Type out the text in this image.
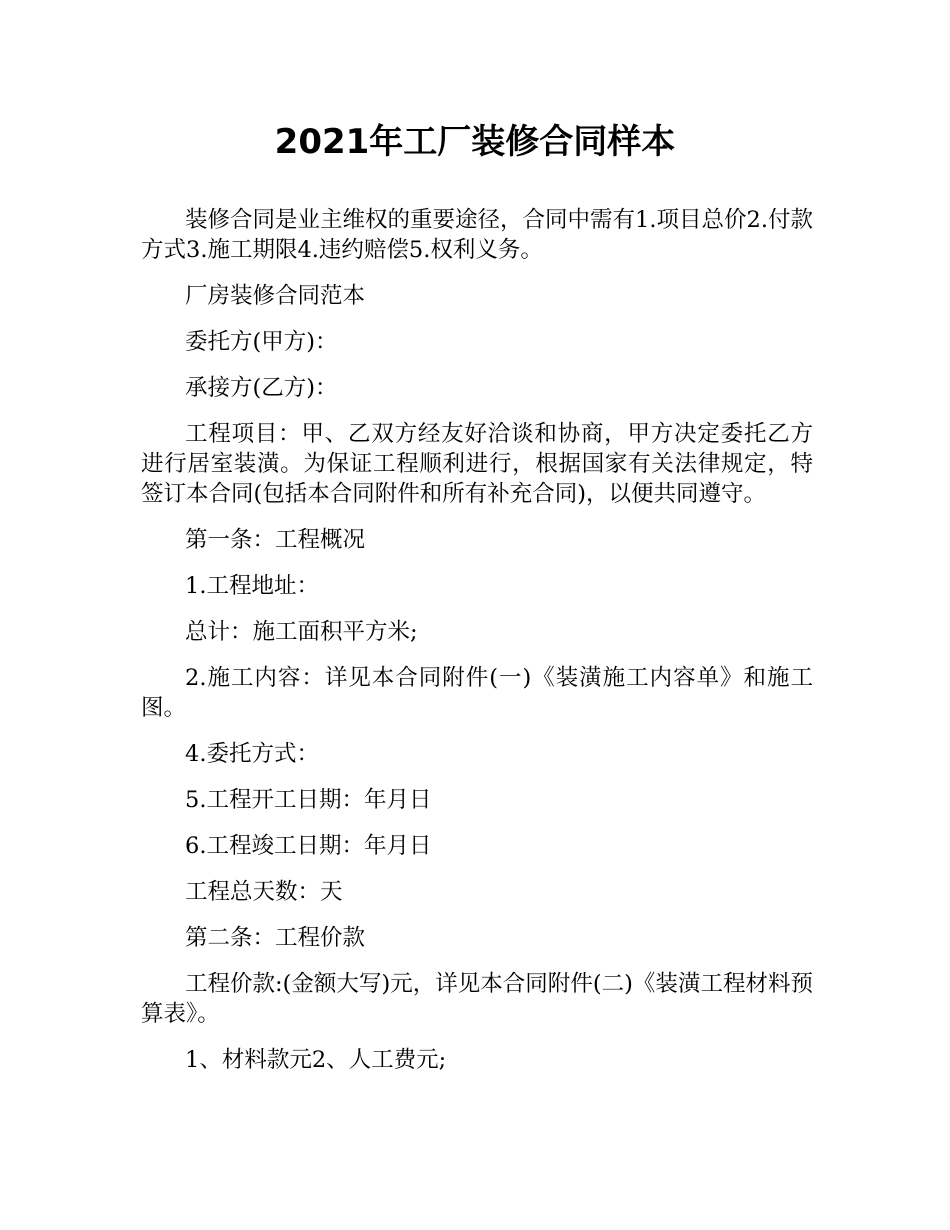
2021年工厂装修合同样本

装修合同是业主维权的重要途径，合同中需有1.项目总价2.付款方式3.施工期限4.违约赔偿5.权利义务。

厂房装修合同范本

委托方(甲方)：

承接方(乙方)：

工程项目：甲、乙双方经友好洽谈和协商，甲方决定委托乙方进行居室装潢。为保证工程顺利进行，根据国家有关法律规定，特签订本合同(包括本合同附件和所有补充合同)，以便共同遵守。

第一条：工程概况

1.工程地址：

总计：施工面积平方米;

2.施工内容：详见本合同附件(一)《装潢施工内容单》和施工图。

4.委托方式：

5.工程开工日期：年月日

6.工程竣工日期：年月日

工程总天数：天

第二条：工程价款

工程价款:(金额大写)元，详见本合同附件(二)《装潢工程材料预算表》。

1、材料款元2、人工费元;
